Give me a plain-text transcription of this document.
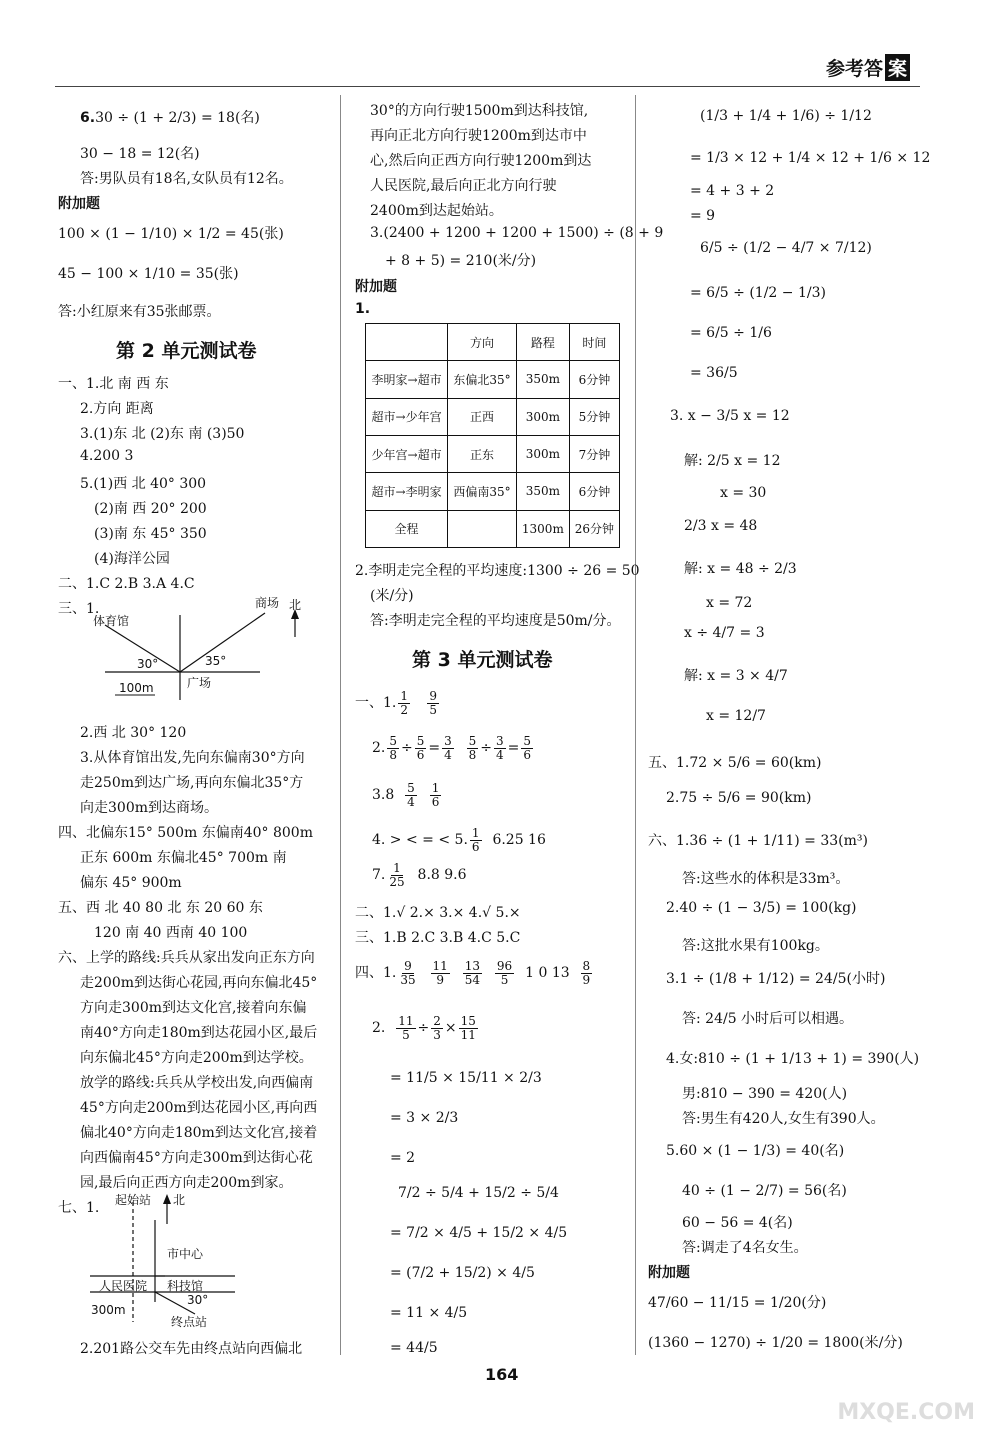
参考答 案
6.30 ÷ (1 + 2/3) = 18(名)
30 − 18 = 12(名)
答:男队员有18名,女队员有12名。
附加题
100 × (1 − 1/10) × 1/2 = 45(张)
45 − 100 × 1/10 = 35(张)
答:小红原来有35张邮票。
第 2 单元测试卷
一、1.北 南 西 东
2.方向 距离
3.(1)东 北 (2)东 南 (3)50
4.200 3
5.(1)西 北 40° 300
(2)南 西 20° 200
(3)南 东 45° 350
(4)海洋公园
二、1.C 2.B 3.A 4.C
三、1.
体育馆
商场 北
30°	35°
广场
100m
2.西 北 30° 120
3.从体育馆出发,先向东偏南30°方向
走250m到达广场,再向东偏北35°方
向走300m到达商场。
四、北偏东15° 500m 东偏南40° 800m
正东 600m 东偏北45° 700m 南
偏东 45° 900m
五、西 北 40 80 北 东 20 60 东
120 南 40 西南 40 100
六、上学的路线:兵兵从家出发向正东方向
走200m到达街心花园,再向东偏北45°
方向走300m到达文化宫,接着向东偏
南40°方向走180m到达花园小区,最后
向东偏北45°方向走200m到达学校。
放学的路线:兵兵从学校出发,向西偏南
45°方向走200m到达花园小区,再向西
偏北40°方向走180m到达文化宫,接着
向西偏南45°方向走300m到达街心花
园,最后向正西方向走200m到家。
七、1. 起始站 北
市中心
人民医院 科技馆
30°
300m
终点站
2.201路公交车先由终点站向西偏北
30°的方向行驶1500m到达科技馆,
再向正北方向行驶1200m到达市中
心,然后向正西方向行驶1200m到达
人民医院,最后向正北方向行驶
2400m到达起始站。
3.(2400 + 1200 + 1200 + 1500) ÷ (8 + 9
+ 8 + 5) = 210(米/分)
附加题
1.
	方向	路程	时间
李明家→超市	东偏北35°	350m	6分钟
超市→少年宫	正西	300m	5分钟
少年宫→超市	正东	300m	7分钟
超市→李明家	西偏南35°	350m	6分钟
全程		1300m	26分钟
2.李明走完全程的平均速度:1300 ÷ 26 = 50
(米/分)
答:李明走完全程的平均速度是50m/分。
第 3 单元测试卷
一、1. $\frac{1}{2}$
$\frac{9}{5}$
2. $\frac{5}{8} \div \frac{5}{6} = \frac{3}{4}$
$\frac{5}{8} \div \frac{3}{4} = \frac{5}{6}$
$3.8 \frac{5}{4}$
$\frac{1}{6}$
4. > < = < 5. $\frac{1}{6} 6.25$ 16
7. $\frac{1}{25} 8.8$ 9.6
二、1.√ 2.× 3.× 4.√ 5.×
三、1.B 2.C 3.B 4.C 5.C
四、1. $\frac{9}{35}$
$\frac{11}{9}$
$\frac{13}{54}$
$\frac{96}{5} 1$ 0 $13 \frac{8}{9}$
2. $\frac{11}{5} \div \frac{2}{3} \times \frac{15}{11}$
= 11/5 × 15/11 × 2/3
= 3 × 2/3
= 2
7/2 ÷ 5/4 + 15/2 ÷ 5/4
= 7/2 × 4/5 + 15/2 × 4/5
= (7/2 + 15/2) × 4/5
= 11 × 4/5
= 44/5
(1/3 + 1/4 + 1/6) ÷ 1/12
= 1/3 × 12 + 1/4 × 12 + 1/6 × 12
= 4 + 3 + 2
= 9
6/5 ÷ (1/2 − 4/7 × 7/12)
= 6/5 ÷ (1/2 − 1/3)
= 6/5 ÷ 1/6
= 36/5
3. x − 3/5 x = 12
解: 2/5 x = 12
x = 30
2/3 x = 48
解: x = 48 ÷ 2/3
x = 72
x ÷ 4/7 = 3
解: x = 3 × 4/7
x = 12/7
五、1.72 × 5/6 = 60(km)
2.75 ÷ 5/6 = 90(km)
六、1.36 ÷ (1 + 1/11) = 33(m³)
答:这些水的体积是33m³。
2.40 ÷ (1 − 3/5) = 100(kg)
答:这批水果有100kg。
3.1 ÷ (1/8 + 1/12) = 24/5(小时)
答: 24/5 小时后可以相遇。
4.女:810 ÷ (1 + 1/13 + 1) = 390(人)
男:810 − 390 = 420(人)
答:男生有420人,女生有390人。
5.60 × (1 − 1/3) = 40(名)
40 ÷ (1 − 2/7) = 56(名)
60 − 56 = 4(名)
答:调走了4名女生。
附加题
47/60 − 11/15 = 1/20(分)
(1360 − 1270) ÷ 1/20 = 1800(米/分)
164
MXQE.COM
